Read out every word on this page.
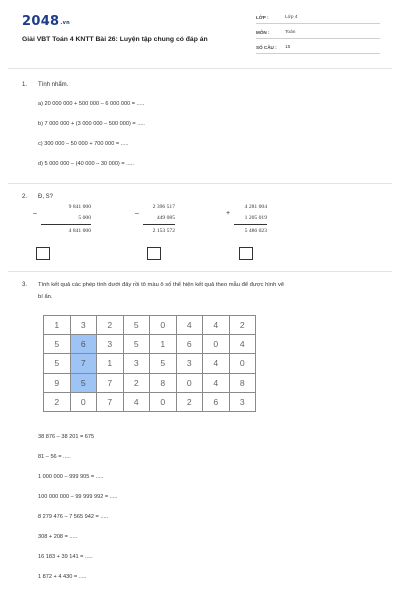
2048.vn
Giải VBT Toán 4 KNTT Bài 26: Luyện tập chung có đáp án
LỚP :	Lớp 4
MÔN :	Toán
SỐ CÂU : 15
1. Tính nhẩm.
a) 20 000 000 + 500 000 – 6 000 000 = .....
b) 7 000 000 + (3 000 000 – 500 000) = .....
c) 300 000 – 50 000 + 700 000 = .....
d) 5 000 000 – (40 000 – 30 000) = .....
2. Đ, S?
–
9 841 000
5 000
4 841 000
–
2 396 517
449 085
2 153 572
+
4 281 004
1 205 019
5 486 023
3. Tính kết quả các phép tính dưới đây rồi tô màu ô số thể hiện kết quả theo mẫu để được hình vẽ
bí ẩn.
1	3	2	5	0	4	4	2
5	6	3	5	1	6	0	4
5	7	1	3	5	3	4	0
9	5	7	2	8	0	4	8
2	0	7	4	0	2	6	3
38 876 – 38 201 = 675
81 – 56 = .....
1 000 000 – 999 905 = .....
100 000 000 – 99 999 992 = .....
8 279 476 – 7 565 942 = .....
308 + 208 = .....
16 183 + 39 141 = .....
1 872 + 4 430 = .....
